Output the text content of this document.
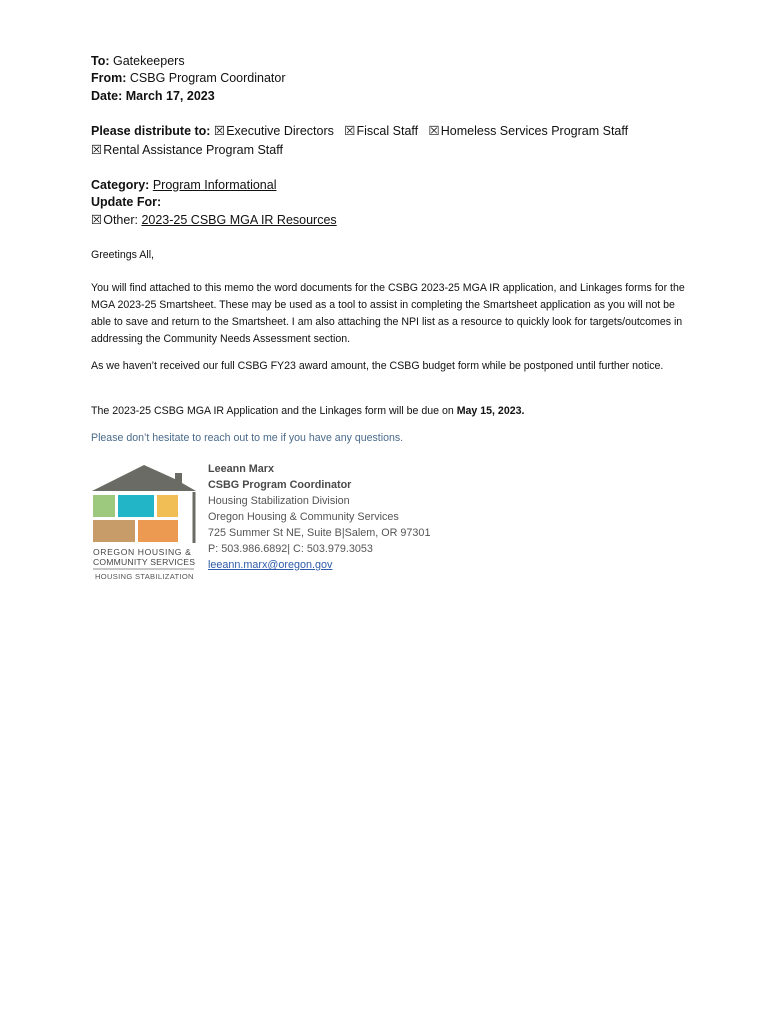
To: Gatekeepers
From: CSBG Program Coordinator
Date: March 17, 2023
Please distribute to: ☒Executive Directors ☒Fiscal Staff ☒Homeless Services Program Staff
☒Rental Assistance Program Staff
Category: Program Informational
Update For:
☒Other: 2023-25 CSBG MGA IR Resources
Greetings All,
You will find attached to this memo the word documents for the CSBG 2023-25 MGA IR application, and Linkages forms for the MGA 2023-25 Smartsheet. These may be used as a tool to assist in completing the Smartsheet application as you will not be able to save and return to the Smartsheet. I am also attaching the NPI list as a resource to quickly look for targets/outcomes in addressing the Community Needs Assessment section.
As we haven’t received our full CSBG FY23 award amount, the CSBG budget form while be postponed until further notice.
The 2023-25 CSBG MGA IR Application and the Linkages form will be due on May 15, 2023.
Please don’t hesitate to reach out to me if you have any questions.
OREGON HOUSING &
COMMUNITY SERVICES
HOUSING STABILIZATION
Leeann Marx
CSBG Program Coordinator
Housing Stabilization Division
Oregon Housing & Community Services
725 Summer St NE, Suite B|Salem, OR 97301
P: 503.986.6892| C: 503.979.3053
leeann.marx@oregon.gov
